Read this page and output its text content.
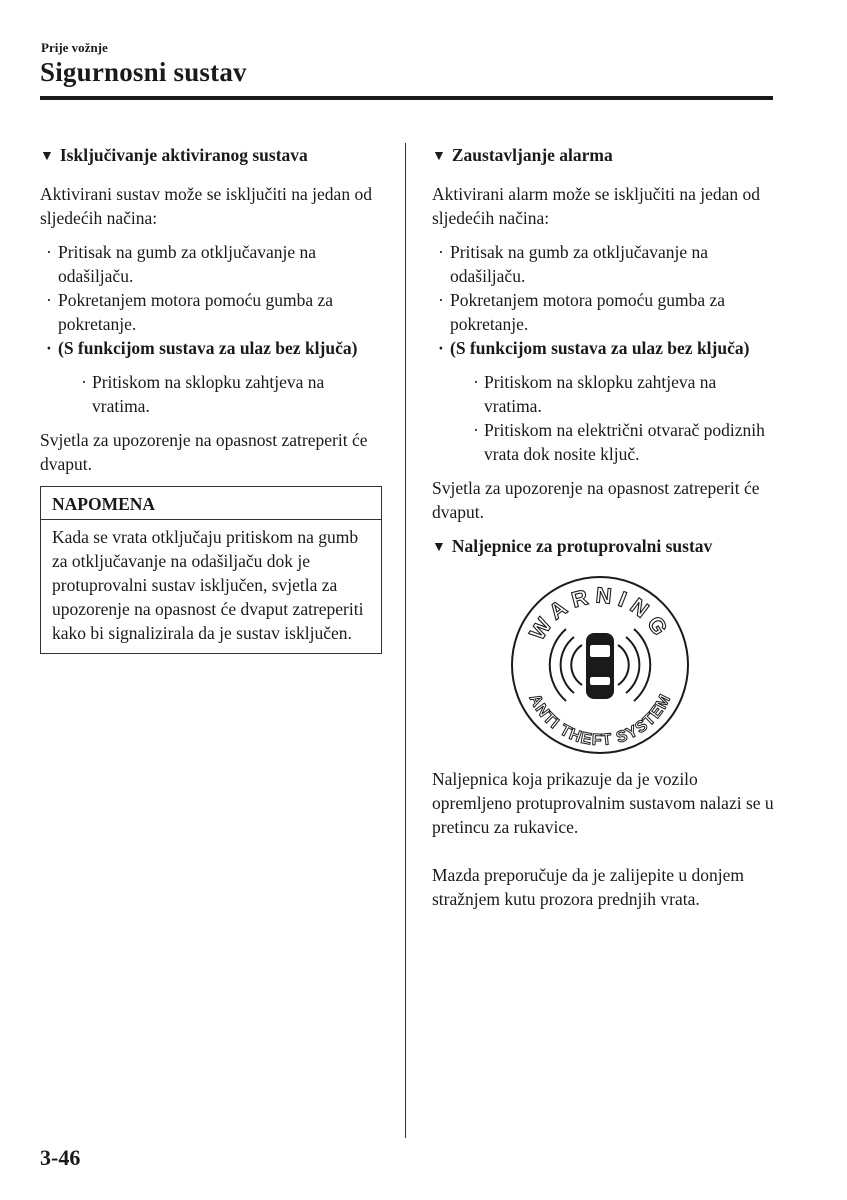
Prije vožnje
Sigurnosni sustav
▼ Isključivanje aktiviranog sustava

Aktivirani sustav može se isključiti na jedan od sljedećih načina:

· Pritisak na gumb za otključavanje na odašiljaču.
· Pokretanjem motora pomoću gumba za pokretanje.
· (S funkcijom sustava za ulaz bez ključa)
· Pritiskom na sklopku zahtjeva na vratima.

Svjetla za upozorenje na opasnost zatreperit će dvaput.

NAPOMENA
Kada se vrata otključaju pritiskom na gumb za otključavanje na odašiljaču dok je protuprovalni sustav isključen, svjetla za upozorenje na opasnost će dvaput zatreperiti kako bi signalizirala da je sustav isključen.
▼ Zaustavljanje alarma

Aktivirani alarm može se isključiti na jedan od sljedećih načina:

· Pritisak na gumb za otključavanje na odašiljaču.
· Pokretanjem motora pomoću gumba za pokretanje.
· (S funkcijom sustava za ulaz bez ključa)
· Pritiskom na sklopku zahtjeva na vratima.
· Pritiskom na električni otvarač podiznih vrata dok nosite ključ.

Svjetla za upozorenje na opasnost zatreperit će dvaput.

▼ Naljepnice za protuprovalni sustav
WARNING
ANTI THEFT SYSTEM

Naljepnica koja prikazuje da je vozilo opremljeno protuprovalnim sustavom nalazi se u pretincu za rukavice.

Mazda preporučuje da je zalijepite u donjem stražnjem kutu prozora prednjih vrata.

3-46
